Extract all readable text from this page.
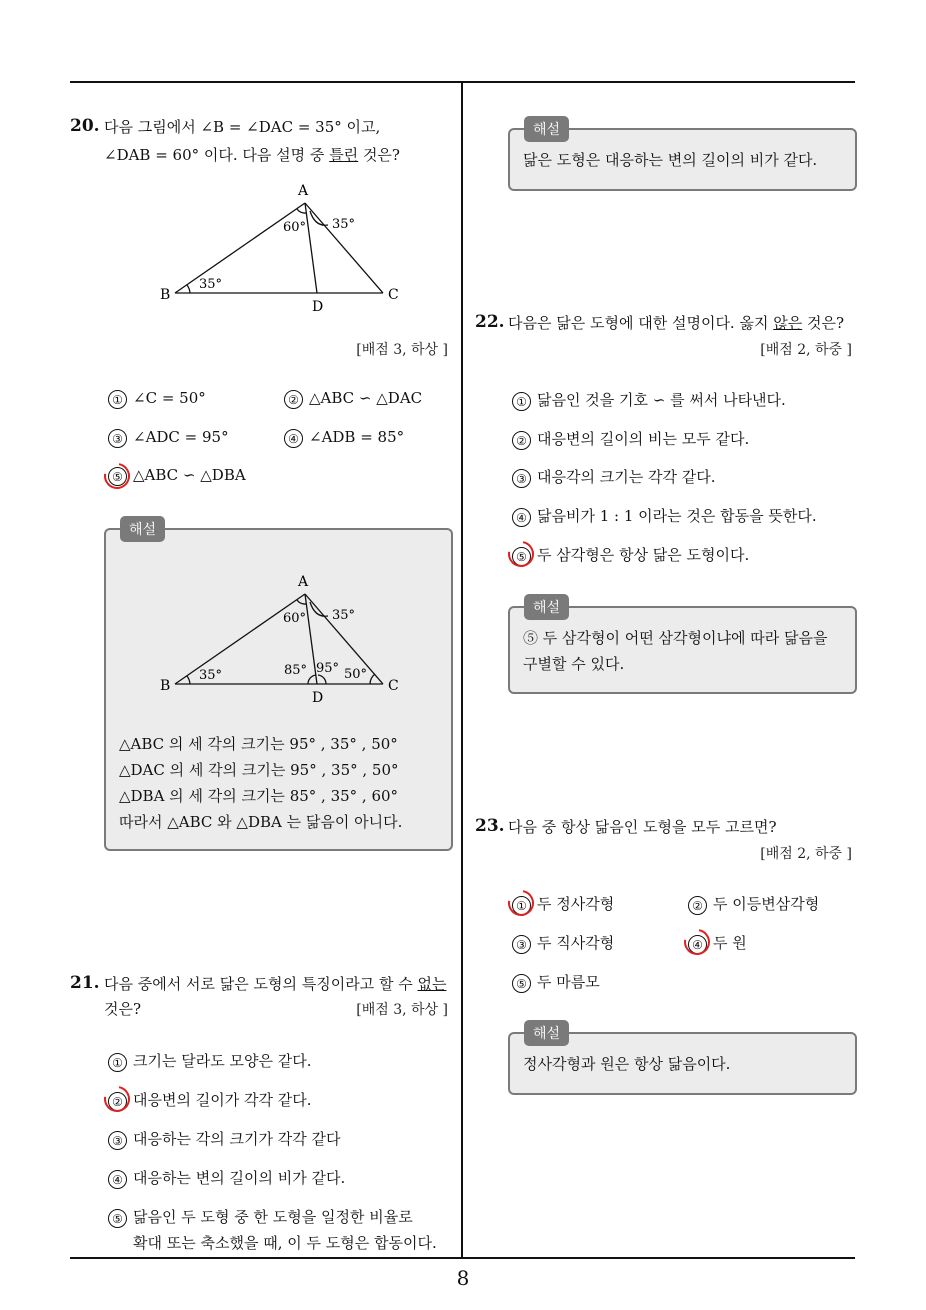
8
20. 다음 그림에서 ∠B = ∠DAC = 35° 이고,
∠DAB = 60° 이다. 다음 설명 중 틀린 것은?
A
B	C
D
35°
60° 35°
[배점 3, 하상 ]
① ∠C = 50°	② △ABC ∽ △DAC
③ ∠ADC = 95°	④ ∠ADB = 85°
⑤ △ABC ∽ △DBA
해설
A
B	C
D
35°
60° 35°
85° 95° 50°
△ABC 의 세 각의 크기는 95° , 35° , 50°
△DAC 의 세 각의 크기는 95° , 35° , 50°
△DBA 의 세 각의 크기는 85° , 35° , 60°
따라서 △ABC 와 △DBA 는 닮음이 아니다.
21. 다음 중에서 서로 닮은 도형의 특징이라고 할 수 없는
것은?	[배점 3, 하상 ]
① 크기는 달라도 모양은 같다.
② 대응변의 길이가 각각 같다.
③ 대응하는 각의 크기가 각각 같다
④ 대응하는 변의 길이의 비가 같다.
⑤ 닮음인 두 도형 중 한 도형을 일정한 비율로
확대 또는 축소했을 때, 이 두 도형은 합동이다.
해설
닮은 도형은 대응하는 변의 길이의 비가 같다.
22. 다음은 닮은 도형에 대한 설명이다. 옳지 않은 것은?
[배점 2, 하중 ]
① 닮음인 것을 기호 ∽ 를 써서 나타낸다.
② 대응변의 길이의 비는 모두 같다.
③ 대응각의 크기는 각각 같다.
④ 닮음비가 1 : 1 이라는 것은 합동을 뜻한다.
⑤ 두 삼각형은 항상 닮은 도형이다.
해설
⑤ 두 삼각형이 어떤 삼각형이냐에 따라 닮음을
구별할 수 있다.
23. 다음 중 항상 닮음인 도형을 모두 고르면?
[배점 2, 하중 ]
① 두 정사각형	② 두 이등변삼각형
③ 두 직사각형	④ 두 원
⑤ 두 마름모
해설
정사각형과 원은 항상 닮음이다.
